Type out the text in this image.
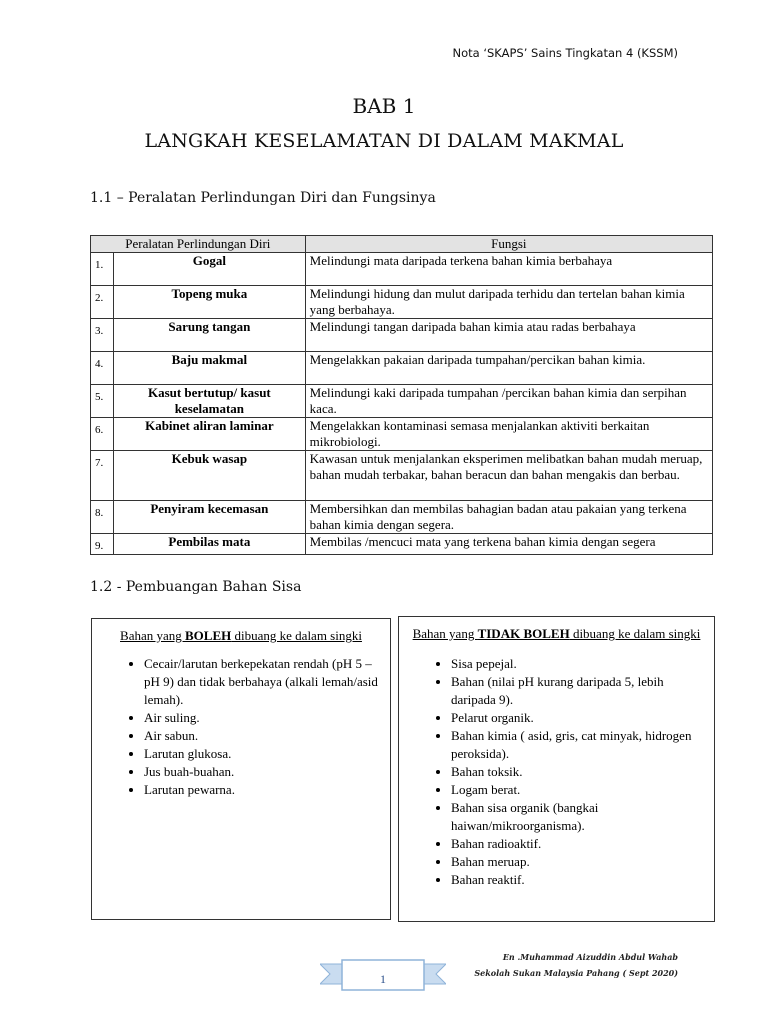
Nota ‘SKAPS’ Sains Tingkatan 4 (KSSM)
BAB 1
LANGKAH KESELAMATAN DI DALAM MAKMAL
1.1 – Peralatan Perlindungan Diri dan Fungsinya
Peralatan Perlindungan Diri		Fungsi
1.	Gogal	Melindungi mata daripada terkena bahan kimia berbahaya
2.	Topeng muka	Melindungi hidung dan mulut daripada terhidu dan tertelan bahan kimia yang berbahaya.
3.	Sarung tangan	Melindungi tangan daripada bahan kimia atau radas berbahaya
4.	Baju makmal	Mengelakkan pakaian daripada tumpahan/percikan bahan kimia.
5.	Kasut bertutup/ kasut keselamatan	Melindungi kaki daripada tumpahan /percikan bahan kimia dan serpihan kaca.
6.	Kabinet aliran laminar	Mengelakkan kontaminasi semasa menjalankan aktiviti berkaitan mikrobiologi.
7.	Kebuk wasap	Kawasan untuk menjalankan eksperimen melibatkan bahan mudah meruap, bahan mudah terbakar, bahan beracun dan bahan mengakis dan berbau.
8.	Penyiram kecemasan	Membersihkan dan membilas bahagian badan atau pakaian yang terkena bahan kimia dengan segera.
9.	Pembilas mata	Membilas /mencuci mata yang terkena bahan kimia dengan segera
1.2 - Pembuangan Bahan Sisa
Bahan yang BOLEH dibuang ke dalam singki
• Cecair/larutan berkepekatan rendah (pH 5 – pH 9) dan tidak berbahaya (alkali lemah/asid lemah).
• Air suling.
• Air sabun.
• Larutan glukosa.
• Jus buah-buahan.
• Larutan pewarna.
Bahan yang TIDAK BOLEH dibuang ke dalam singki
• Sisa pepejal.
• Bahan (nilai pH kurang daripada 5, lebih daripada 9).
• Pelarut organik.
• Bahan kimia ( asid, gris, cat minyak, hidrogen peroksida).
• Bahan toksik.
• Logam berat.
• Bahan sisa organik (bangkai haiwan/mikroorganisma).
• Bahan radioaktif.
• Bahan meruap.
• Bahan reaktif.
En .Muhammad Aizuddin Abdul Wahab
Sekolah Sukan Malaysia Pahang ( Sept 2020)
1
